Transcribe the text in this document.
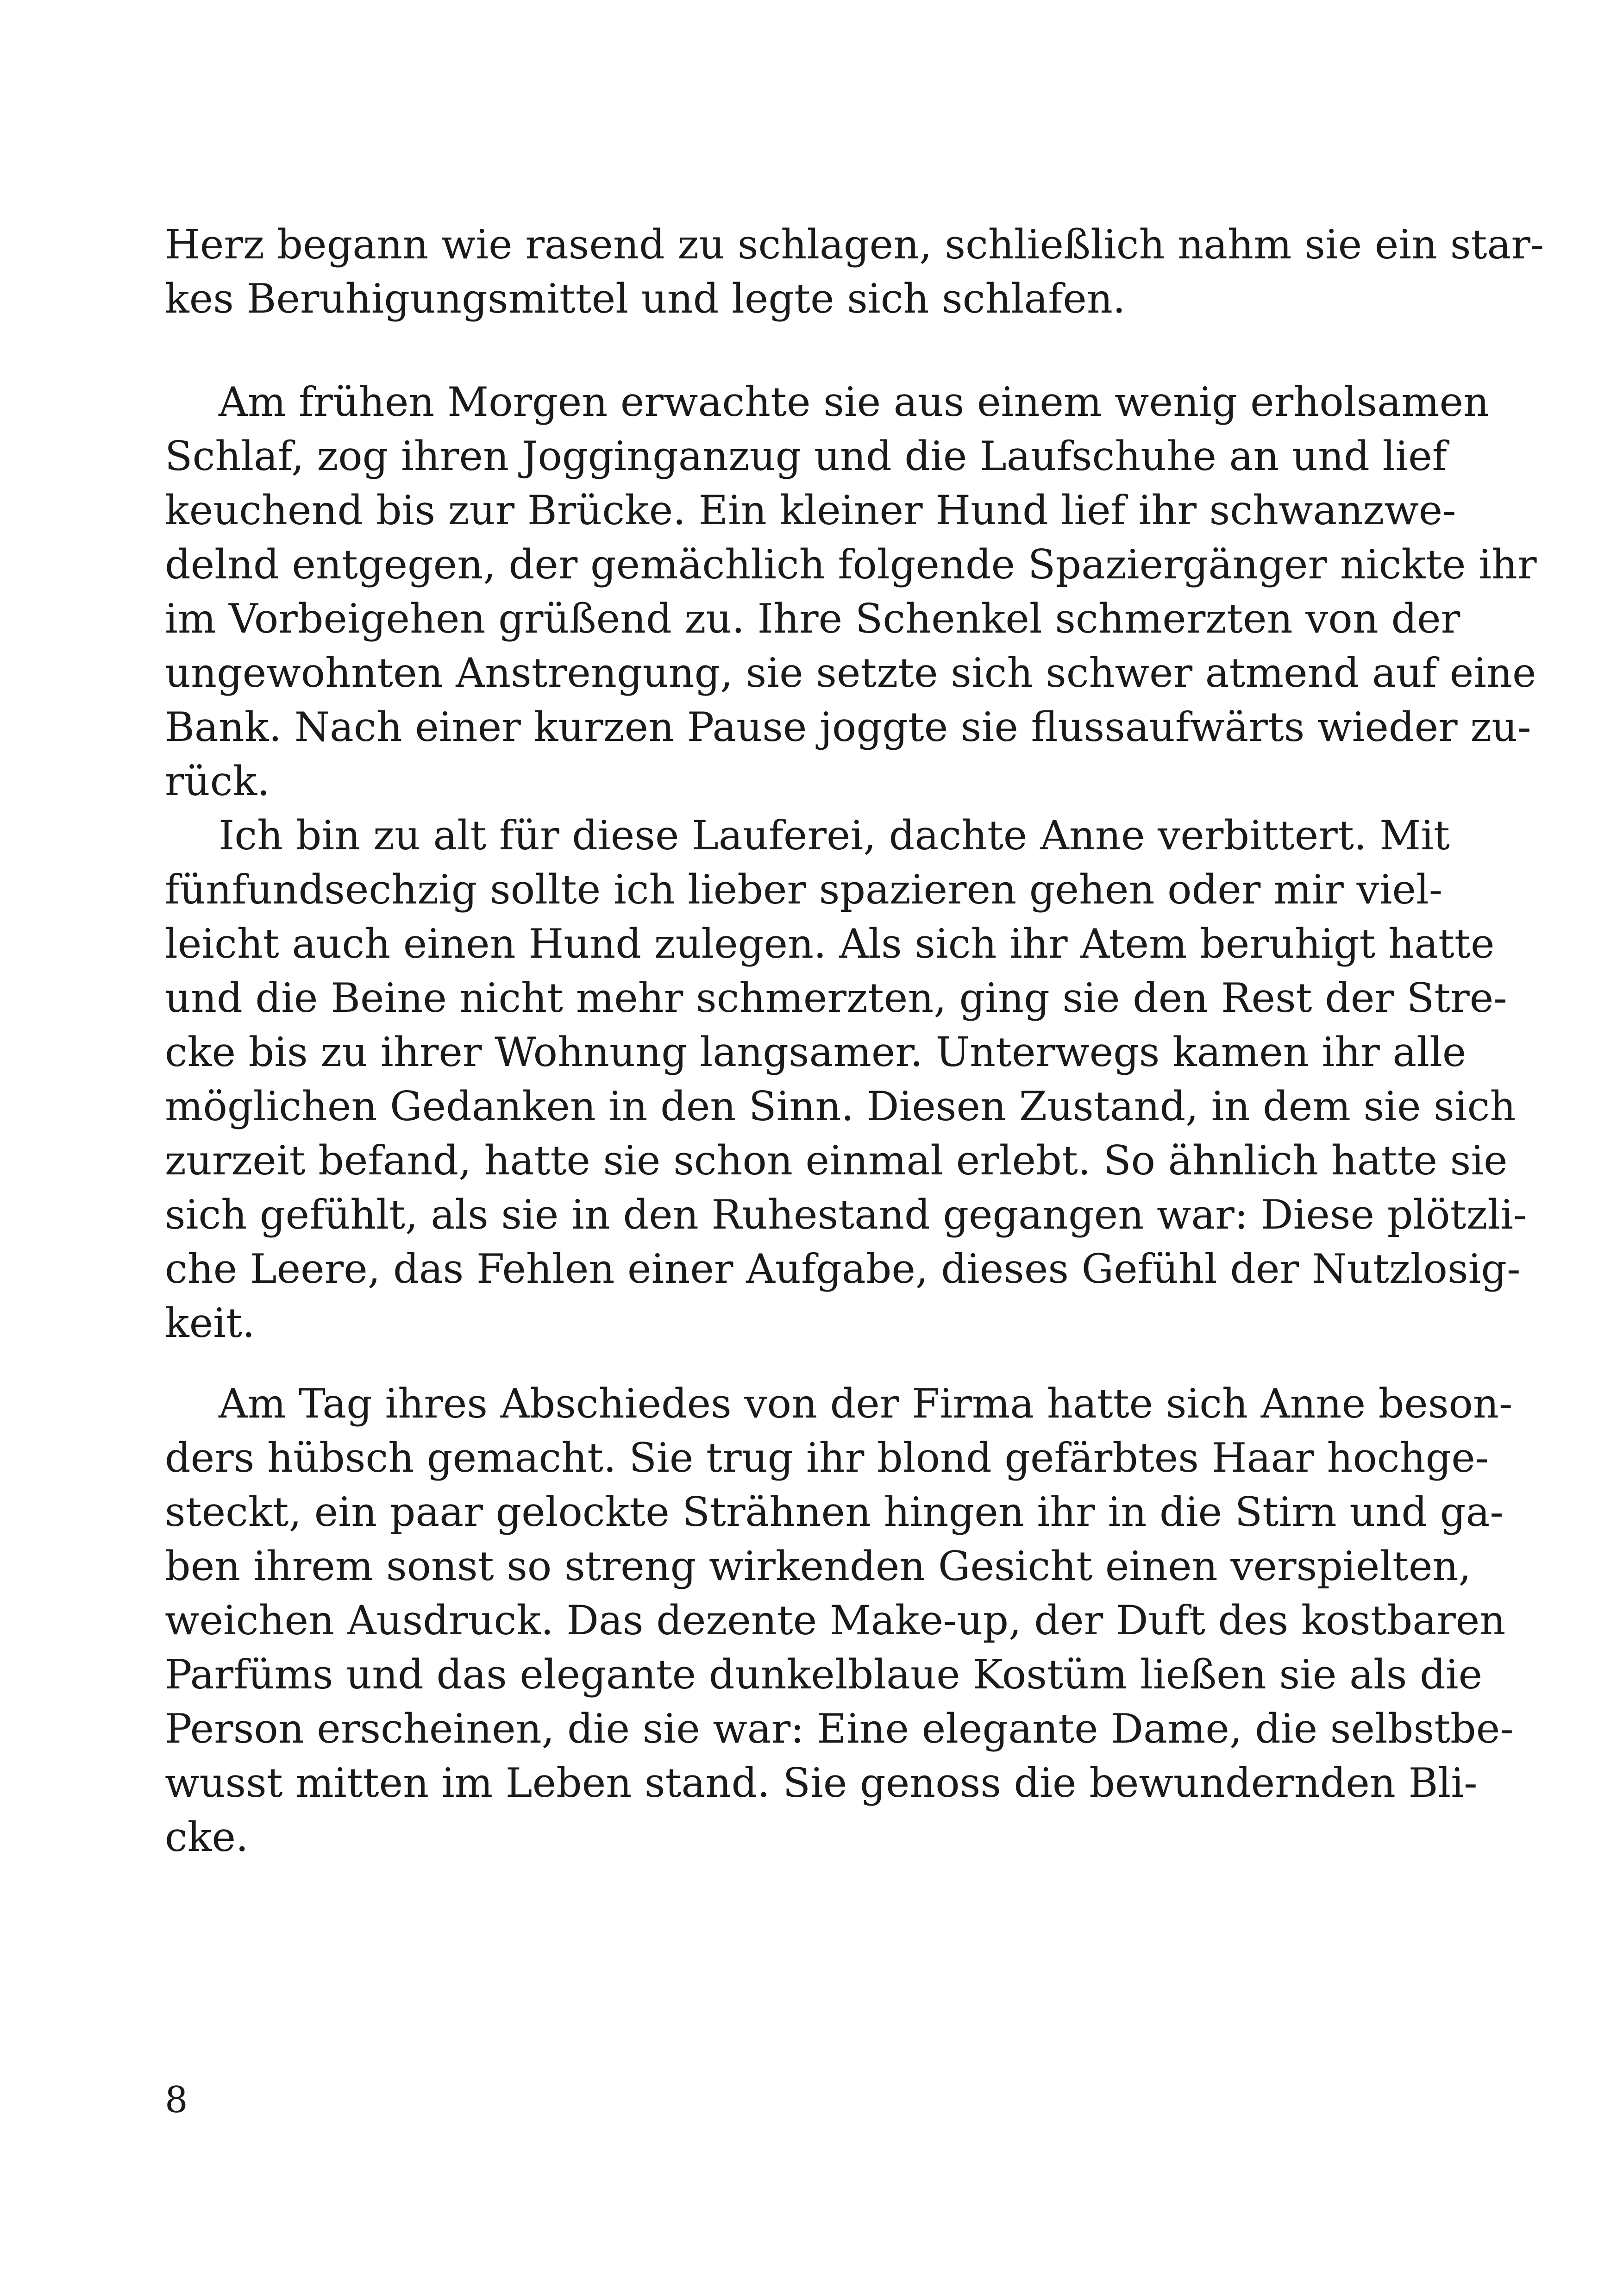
Herz begann wie rasend zu schlagen, schließlich nahm sie ein star-
kes Beruhigungsmittel und legte sich schlafen.
Am frühen Morgen erwachte sie aus einem wenig erholsamen
Schlaf, zog ihren Jogginganzug und die Laufschuhe an und lief
keuchend bis zur Brücke. Ein kleiner Hund lief ihr schwanzwe-
delnd entgegen, der gemächlich folgende Spaziergänger nickte ihr
im Vorbeigehen grüßend zu. Ihre Schenkel schmerzten von der
ungewohnten Anstrengung, sie setzte sich schwer atmend auf eine
Bank. Nach einer kurzen Pause joggte sie flussaufwärts wieder zu-
rück.
Ich bin zu alt für diese Lauferei, dachte Anne verbittert. Mit
fünfundsechzig sollte ich lieber spazieren gehen oder mir viel-
leicht auch einen Hund zulegen. Als sich ihr Atem beruhigt hatte
und die Beine nicht mehr schmerzten, ging sie den Rest der Stre-
cke bis zu ihrer Wohnung langsamer. Unterwegs kamen ihr alle
möglichen Gedanken in den Sinn. Diesen Zustand, in dem sie sich
zurzeit befand, hatte sie schon einmal erlebt. So ähnlich hatte sie
sich gefühlt, als sie in den Ruhestand gegangen war: Diese plötzli-
che Leere, das Fehlen einer Aufgabe, dieses Gefühl der Nutzlosig-
keit.
Am Tag ihres Abschiedes von der Firma hatte sich Anne beson-
ders hübsch gemacht. Sie trug ihr blond gefärbtes Haar hochge-
steckt, ein paar gelockte Strähnen hingen ihr in die Stirn und ga-
ben ihrem sonst so streng wirkenden Gesicht einen verspielten,
weichen Ausdruck. Das dezente Make-up, der Duft des kostbaren
Parfüms und das elegante dunkelblaue Kostüm ließen sie als die
Person erscheinen, die sie war: Eine elegante Dame, die selbstbe-
wusst mitten im Leben stand. Sie genoss die bewundernden Bli-
cke.
8
